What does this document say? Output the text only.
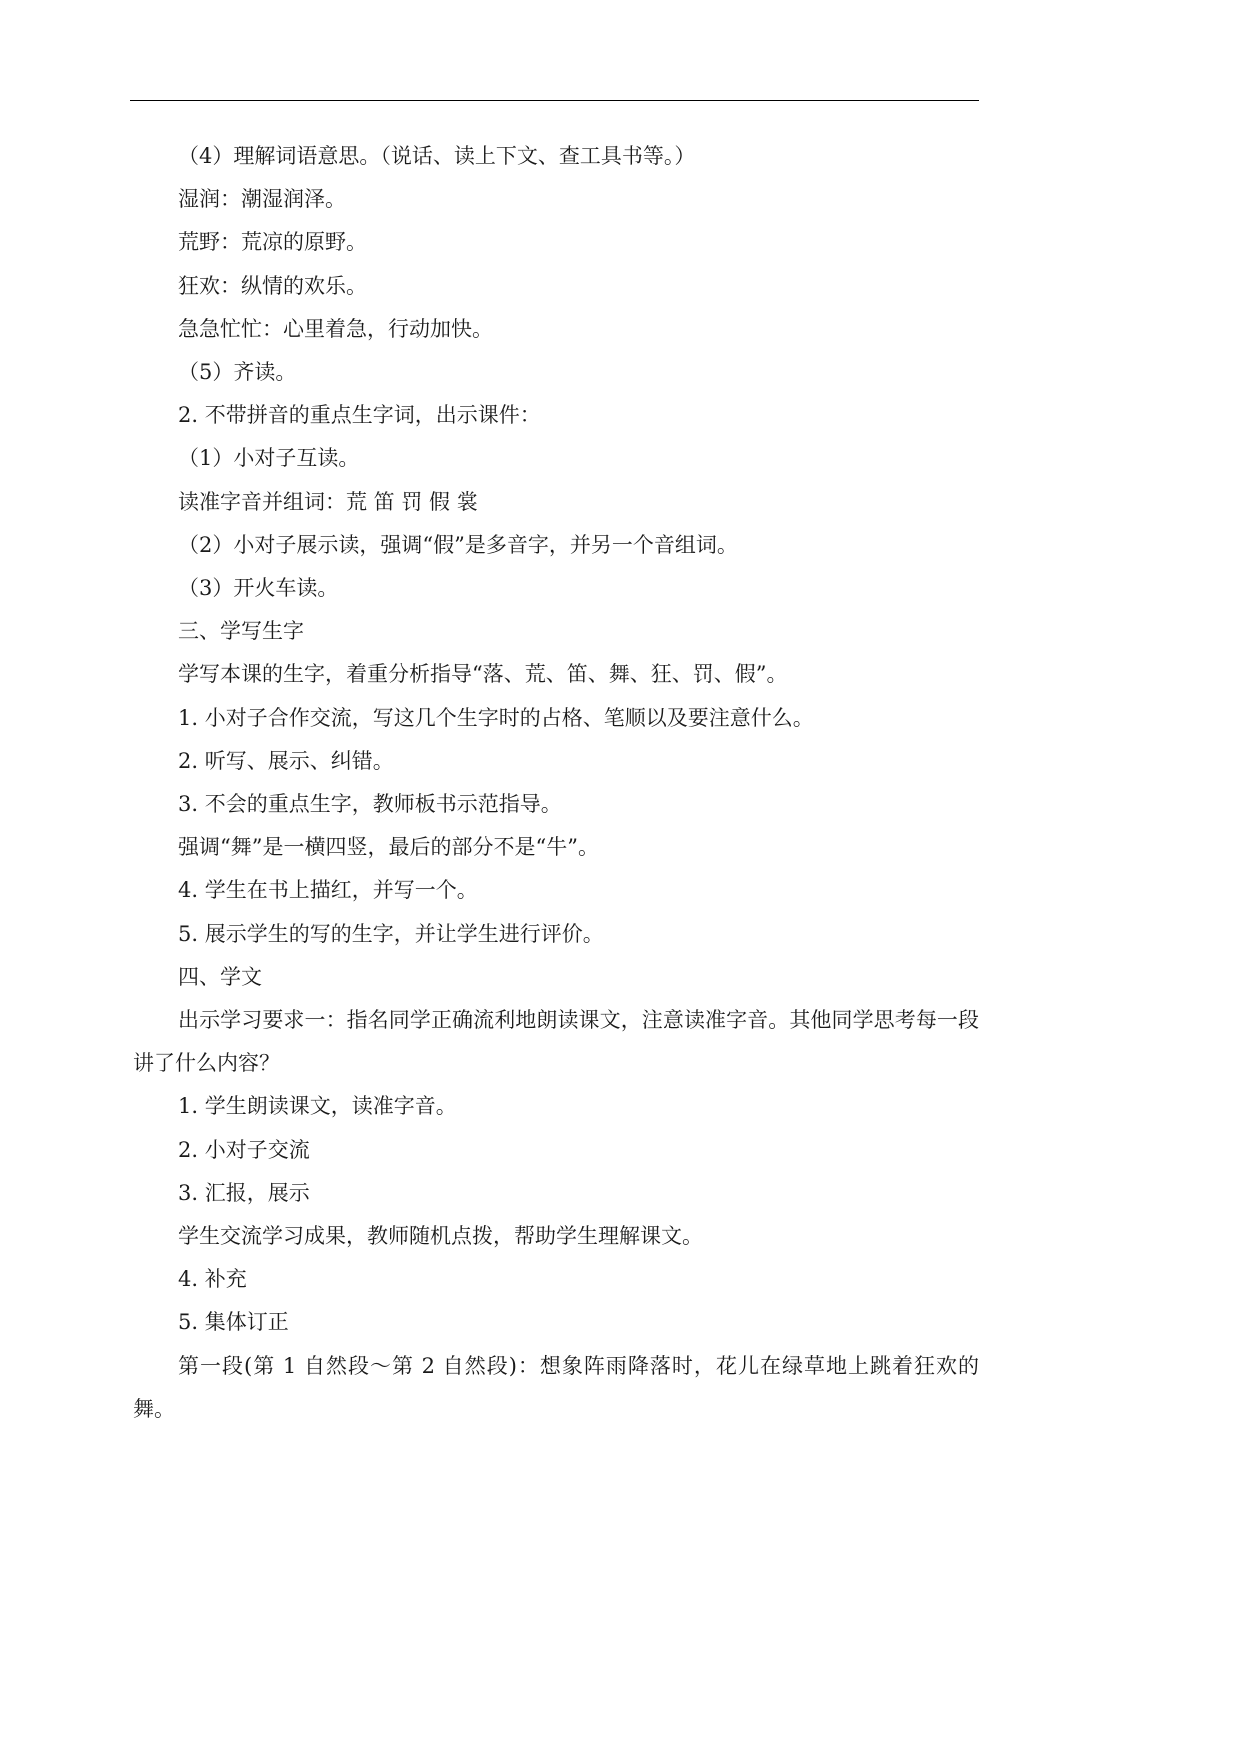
（4）理解词语意思。（说话、读上下文、查工具书等。）

湿润：潮湿润泽。

荒野：荒凉的原野。

狂欢：纵情的欢乐。

急急忙忙：心里着急，行动加快。

（5）齐读。

2. 不带拼音的重点生字词，出示课件：

（1）小对子互读。

读准字音并组词：荒 笛 罚 假 裳

（2）小对子展示读，强调“假”是多音字，并另一个音组词。

（3）开火车读。

三、学写生字

学写本课的生字，着重分析指导“落、荒、笛、舞、狂、罚、假”。

1. 小对子合作交流，写这几个生字时的占格、笔顺以及要注意什么。

2. 听写、展示、纠错。

3. 不会的重点生字，教师板书示范指导。

强调“舞”是一横四竖，最后的部分不是“牛”。

4. 学生在书上描红，并写一个。

5. 展示学生的写的生字，并让学生进行评价。

四、学文

出示学习要求一：指名同学正确流利地朗读课文，注意读准字音。其他同学思考每一段讲了什么内容？

1. 学生朗读课文，读准字音。

2. 小对子交流

3. 汇报，展示

学生交流学习成果，教师随机点拨，帮助学生理解课文。

4. 补充

5. 集体订正

第一段(第 1 自然段～第 2 自然段)：想象阵雨降落时，花儿在绿草地上跳着狂欢的舞。
